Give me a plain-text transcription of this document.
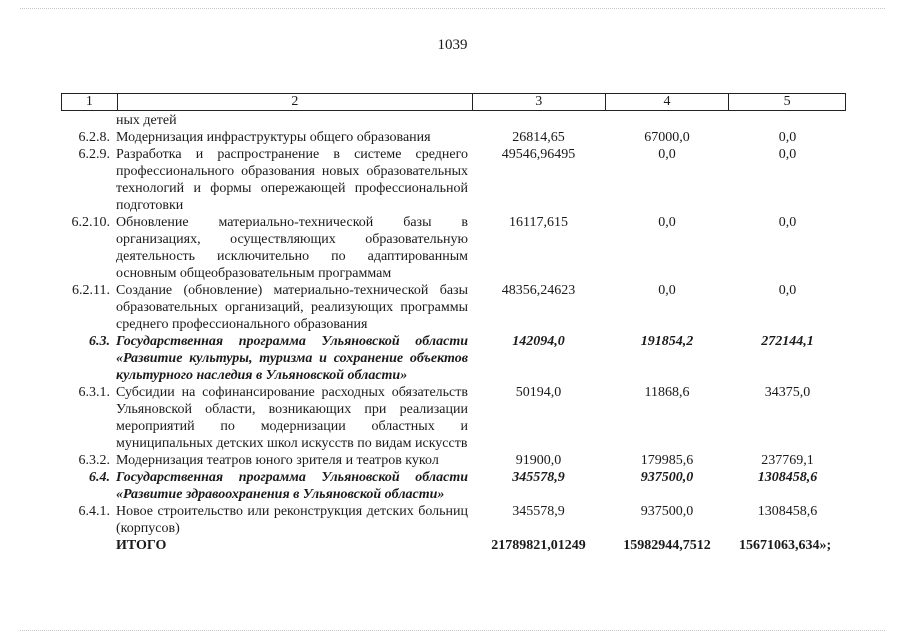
1039
1	2	3	4	5
ных детей
6.2.8. Модернизация инфраструктуры общего образования	26814,65	67000,0	0,0
6.2.9. Разработка и распространение в системе среднего профессионального образования новых образовательных технологий и формы опережающей профессиональной подготовки
49546,96495	0,0	0,0
6.2.10. Обновление материально-технической базы в организациях, осуществляющих образовательную деятельность исключительно по адаптированным основным общеобразовательным программам
16117,615	0,0	0,0
6.2.11. Создание (обновление) материально-технической базы образовательных организаций, реализующих программы среднего профессионального образования
48356,24623	0,0	0,0
6.3. Государственная программа Ульяновской области «Развитие культуры, туризма и сохранение объектов культурного наследия в Ульяновской области»
142094,0	191854,2	272144,1
6.3.1. Субсидии на софинансирование расходных обязательств Ульяновской области, возникающих при реализации мероприятий по модернизации областных и муниципальных детских школ искусств по видам искусств
50194,0	11868,6	34375,0
6.3.2. Модернизация театров юного зрителя и театров кукол	91900,0	179985,6	237769,1
6.4. Государственная программа Ульяновской области «Развитие здравоохранения в Ульяновской области»
345578,9	937500,0	1308458,6
6.4.1. Новое строительство или реконструкция детских больниц (корпусов)
345578,9	937500,0	1308458,6
ИТОГО	21789821,01249	15982944,7512	15671063,634»;
